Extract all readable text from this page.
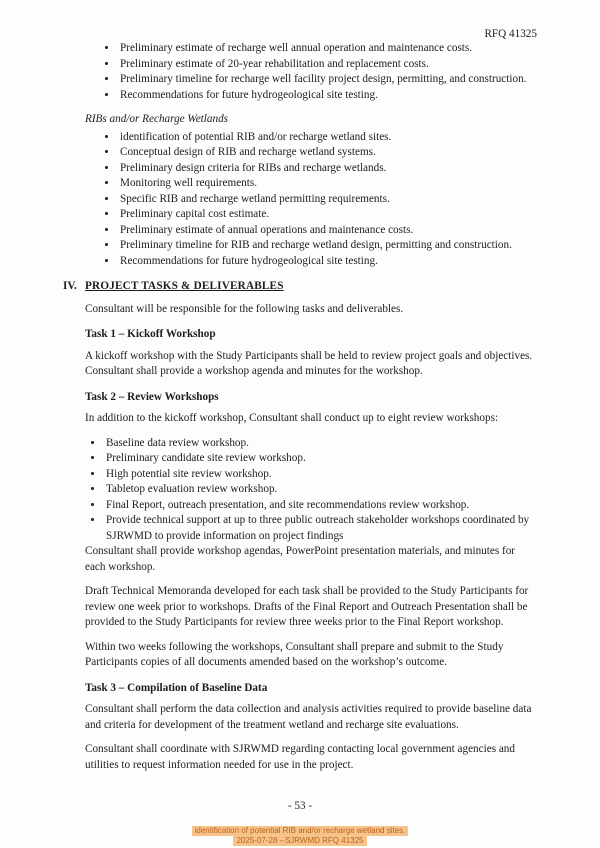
RFQ 41325
• Preliminary estimate of recharge well annual operation and maintenance costs.
• Preliminary estimate of 20-year rehabilitation and replacement costs.
• Preliminary timeline for recharge well facility project design, permitting, and construction.
• Recommendations for future hydrogeological site testing.
RIBs and/or Recharge Wetlands
• identification of potential RIB and/or recharge wetland sites.
• Conceptual design of RIB and recharge wetland systems.
• Preliminary design criteria for RIBs and recharge wetlands.
• Monitoring well requirements.
• Specific RIB and recharge wetland permitting requirements.
• Preliminary capital cost estimate.
• Preliminary estimate of annual operations and maintenance costs.
• Preliminary timeline for RIB and recharge wetland design, permitting and construction.
• Recommendations for future hydrogeological site testing.
IV. PROJECT TASKS & DELIVERABLES

Consultant will be responsible for the following tasks and deliverables.

Task 1 – Kickoff Workshop

A kickoff workshop with the Study Participants shall be held to review project goals and objectives. Consultant shall provide a workshop agenda and minutes for the workshop.

Task 2 – Review Workshops

In addition to the kickoff workshop, Consultant shall conduct up to eight review workshops:

• Baseline data review workshop.
• Preliminary candidate site review workshop.
• High potential site review workshop.
• Tabletop evaluation review workshop.
• Final Report, outreach presentation, and site recommendations review workshop.
• Provide technical support at up to three public outreach stakeholder workshops coordinated by SJRWMD to provide information on project findings

Consultant shall provide workshop agendas, PowerPoint presentation materials, and minutes for each workshop.

Draft Technical Memoranda developed for each task shall be provided to the Study Participants for review one week prior to workshops. Drafts of the Final Report and Outreach Presentation shall be provided to the Study Participants for review three weeks prior to the Final Report workshop.

Within two weeks following the workshops, Consultant shall prepare and submit to the Study Participants copies of all documents amended based on the workshop’s outcome.

Task 3 – Compilation of Baseline Data

Consultant shall perform the data collection and analysis activities required to provide baseline data and criteria for development of the treatment wetland and recharge site evaluations.

Consultant shall coordinate with SJRWMD regarding contacting local government agencies and utilities to request information needed for use in the project.

- 53 -
identification of potential RIB and/or recharge wetland sites.
2025-07-28 --SJRWMD RFQ 41325
